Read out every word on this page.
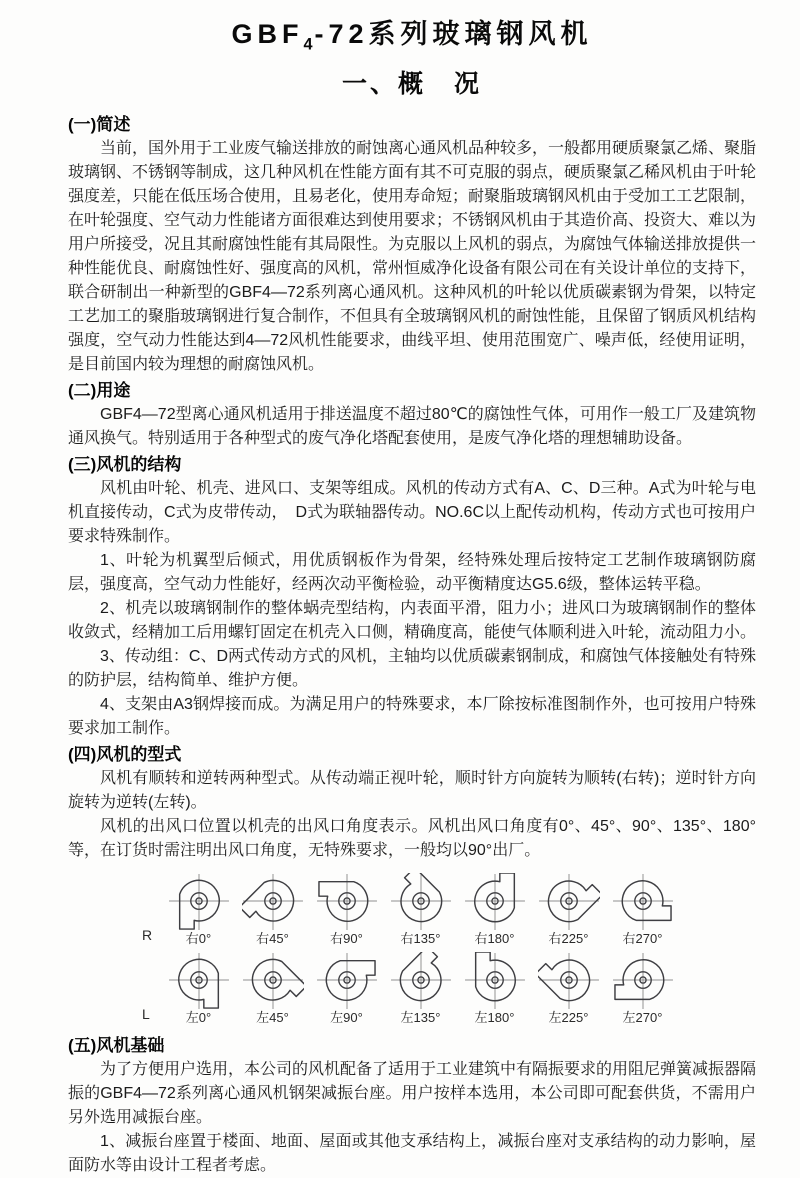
$GBF_4-72$系列玻璃钢风机
一、概　况
(一)简述

当前，国外用于工业废气输送排放的耐蚀离心通风机品种较多，一般都用硬质聚氯乙烯、聚脂玻璃钢、不锈钢等制成，这几种风机在性能方面有其不可克服的弱点，硬质聚氯乙稀风机由于叶轮强度差，只能在低压场合使用，且易老化，使用寿命短；耐聚脂玻璃钢风机由于受加工工艺限制，在叶轮强度、空气动力性能诸方面很难达到使用要求；不锈钢风机由于其造价高、投资大、难以为用户所接受，况且其耐腐蚀性能有其局限性。为克服以上风机的弱点，为腐蚀气体输送排放提供一种性能优良、耐腐蚀性好、强度高的风机，常州恒威净化设备有限公司在有关设计单位的支持下，联合研制出一种新型的GBF4—72系列离心通风机。这种风机的叶轮以优质碳素钢为骨架，以特定工艺加工的聚脂玻璃钢进行复合制作，不但具有全玻璃钢风机的耐蚀性能，且保留了钢质风机结构强度，空气动力性能达到4—72风机性能要求，曲线平坦、使用范围宽广、噪声低，经使用证明，是目前国内较为理想的耐腐蚀风机。

(二)用途

GBF4—72型离心通风机适用于排送温度不超过80℃的腐蚀性气体，可用作一般工厂及建筑物通风换气。特别适用于各种型式的废气净化塔配套使用，是废气净化塔的理想辅助设备。

(三)风机的结构

风机由叶轮、机壳、进风口、支架等组成。风机的传动方式有A、C、D三种。A式为叶轮与电机直接传动，C式为皮带传动，　D式为联轴器传动。NO.6C以上配传动机构，传动方式也可按用户要求特殊制作。

1、叶轮为机翼型后倾式，用优质钢板作为骨架，经特殊处理后按特定工艺制作玻璃钢防腐层，强度高，空气动力性能好，经两次动平衡检验，动平衡精度达G5.6级，整体运转平稳。

2、机壳以玻璃钢制作的整体蜗壳型结构，内表面平滑，阻力小；进风口为玻璃钢制作的整体收敛式，经精加工后用螺钉固定在机壳入口侧，精确度高，能使气体顺利进入叶轮，流动阻力小。

3、传动组：C、D两式传动方式的风机，主轴均以优质碳素钢制成，和腐蚀气体接触处有特殊的防护层，结构简单、维护方便。

4、支架由A3钢焊接而成。为满足用户的特殊要求，本厂除按标准图制作外，也可按用户特殊要求加工制作。

(四)风机的型式

风机有顺转和逆转两种型式。从传动端正视叶轮，顺时针方向旋转为顺转(右转)；逆时针方向旋转为逆转(左转)。

风机的出风口位置以机壳的出风口角度表示。风机出风口角度有0°、45°、90°、135°、180°等，在订货时需注明出风口角度，无特殊要求，一般均以90°出厂。

R	右0°	右45°	右90°	右135°	右180°	右225°	右270°
L	左0°	左45°	左90°	左135°	左180°	左225°	左270°
(五)风机基础

为了方便用户选用，本公司的风机配备了适用于工业建筑中有隔振要求的用阻尼弹簧减振器隔振的GBF4—72系列离心通风机钢架减振台座。用户按样本选用，本公司即可配套供货，不需用户另外选用减振台座。

1、减振台座置于楼面、地面、屋面或其他支承结构上，减振台座对支承结构的动力影响，屋面防水等由设计工程者考虑。
